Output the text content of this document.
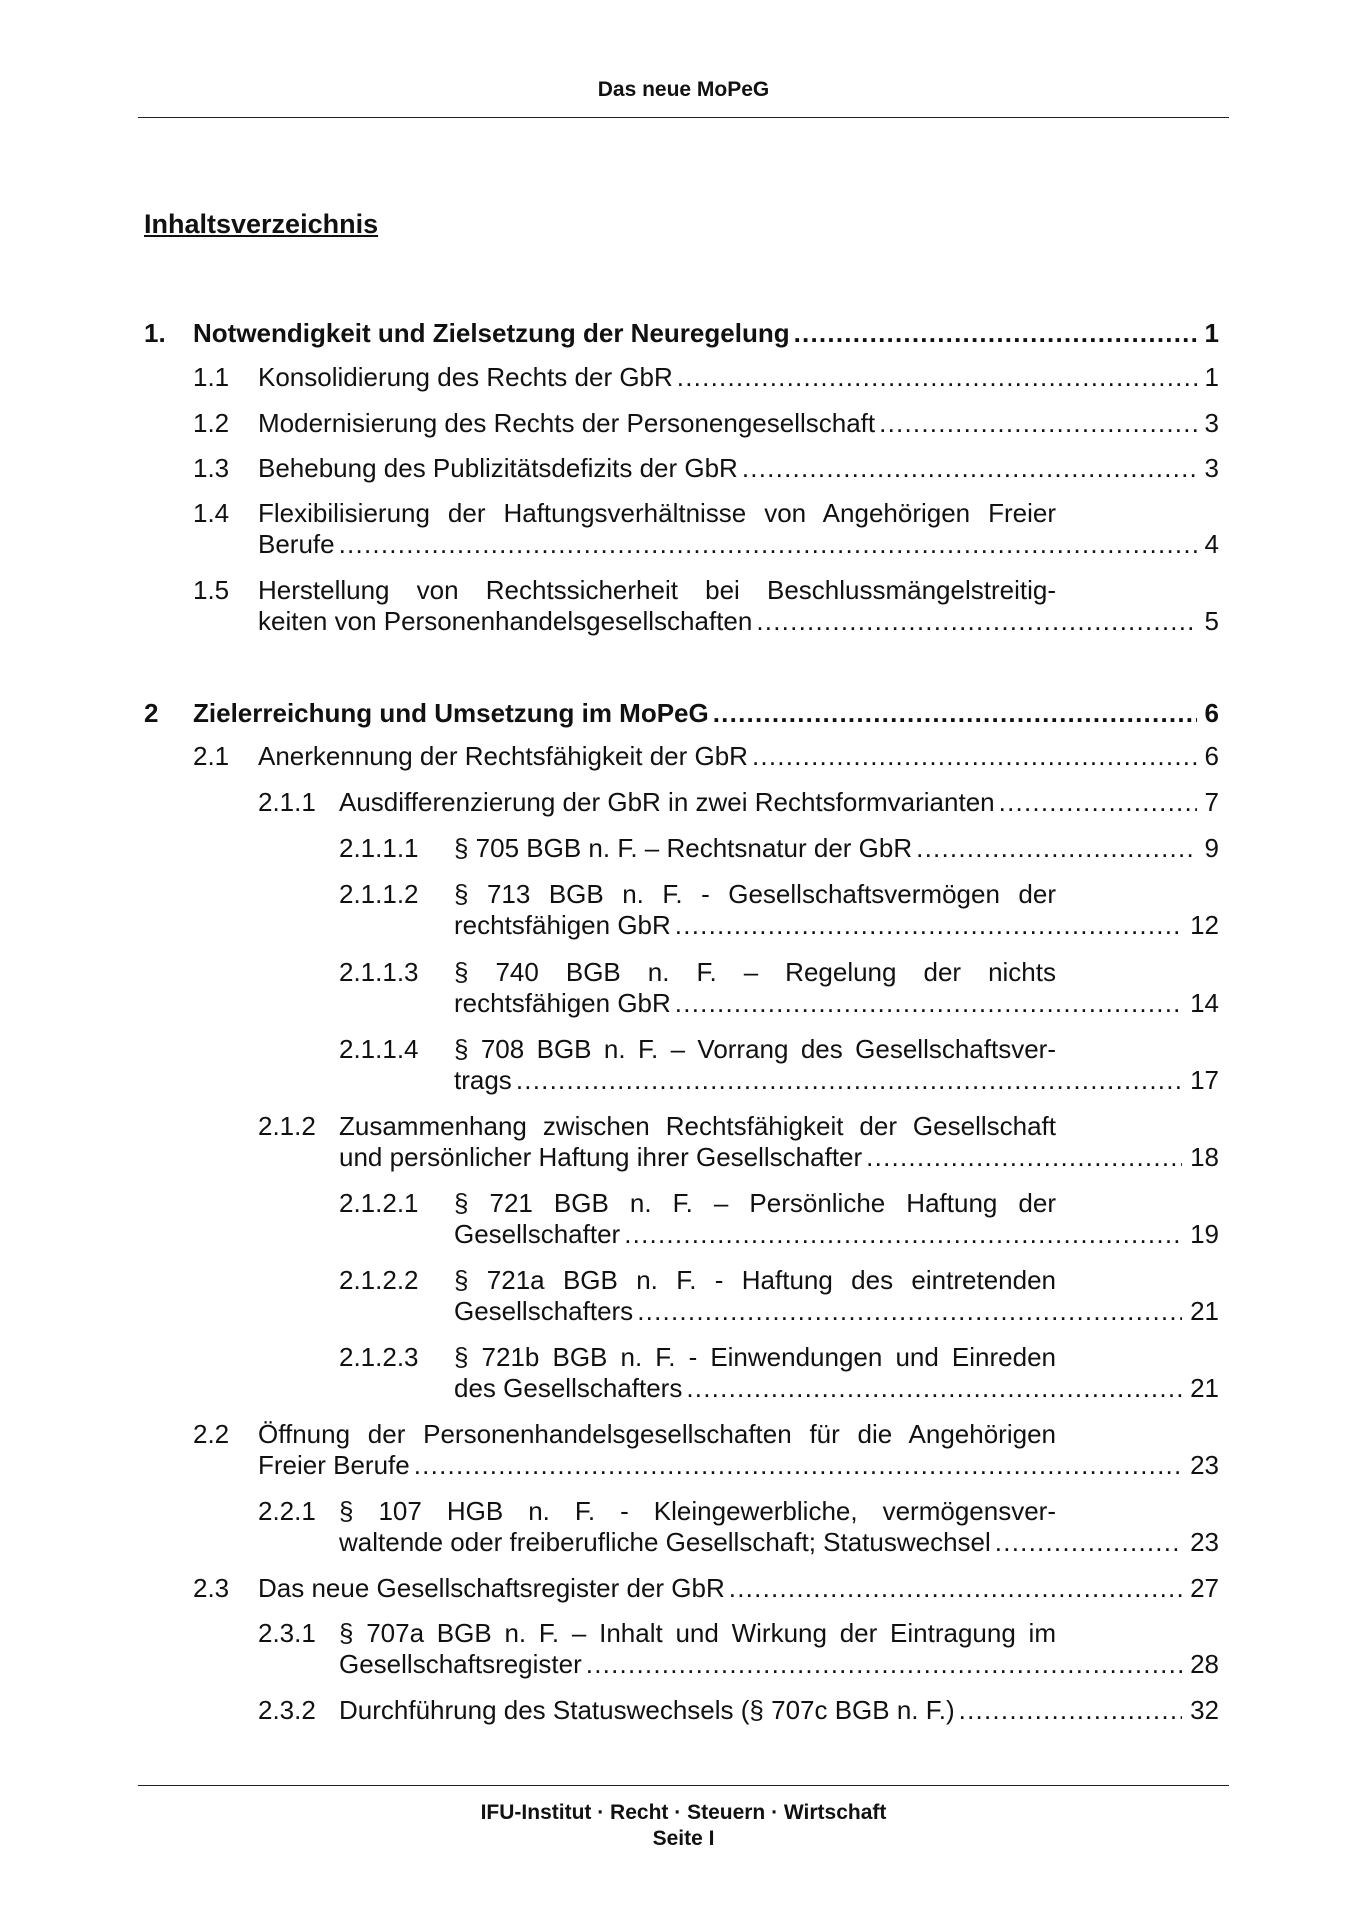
Das neue MoPeG
Inhaltsverzeichnis
1. Notwendigkeit und Zielsetzung der Neuregelung . . .	1
1.1 Konsolidierung des Rechts der GbR . . .	1
1.2 Modernisierung des Rechts der Personengesellschaft . . .	3
1.3 Behebung des Publizitätsdefizits der GbR . . .	3
1.4 Flexibilisierung der Haftungsverhältnisse von Angehörigen Freier
Berufe . . .	4
1.5 Herstellung von Rechtssicherheit bei Beschlussmängelstreitig-
keiten von Personenhandelsgesellschaften . . .	5
2 Zielerreichung und Umsetzung im MoPeG . . .	6
2.1 Anerkennung der Rechtsfähigkeit der GbR . . .	6
2.1.1 Ausdifferenzierung der GbR in zwei Rechtsformvarianten . . .	7
2.1.1.1 § 705 BGB n. F. – Rechtsnatur der GbR . . .	9
2.1.1.2 § 713 BGB n. F. - Gesellschaftsvermögen der
rechtsfähigen GbR . . .	12
2.1.1.3 § 740 BGB n. F. – Regelung der nichts
rechtsfähigen GbR . . .	14
2.1.1.4 § 708 BGB n. F. – Vorrang des Gesellschaftsver-
trags . . .	17
2.1.2 Zusammenhang zwischen Rechtsfähigkeit der Gesellschaft
und persönlicher Haftung ihrer Gesellschafter . . .	18
2.1.2.1 § 721 BGB n. F. – Persönliche Haftung der
Gesellschafter . . .	19
2.1.2.2 § 721a BGB n. F. - Haftung des eintretenden
Gesellschafters . . .	21
2.1.2.3 § 721b BGB n. F. - Einwendungen und Einreden
des Gesellschafters . . .	21
2.2 Öffnung der Personenhandelsgesellschaften für die Angehörigen
Freier Berufe . . .	23
2.2.1 § 107 HGB n. F. - Kleingewerbliche, vermögensver-
waltende oder freiberufliche Gesellschaft; Statuswechsel . . .	23
2.3 Das neue Gesellschaftsregister der GbR . . .	27
2.3.1 § 707a BGB n. F. – Inhalt und Wirkung der Eintragung im
Gesellschaftsregister . . .	28
2.3.2 Durchführung des Statuswechsels (§ 707c BGB n. F.) . . .	32
IFU-Institut · Recht · Steuern · Wirtschaft
Seite I
